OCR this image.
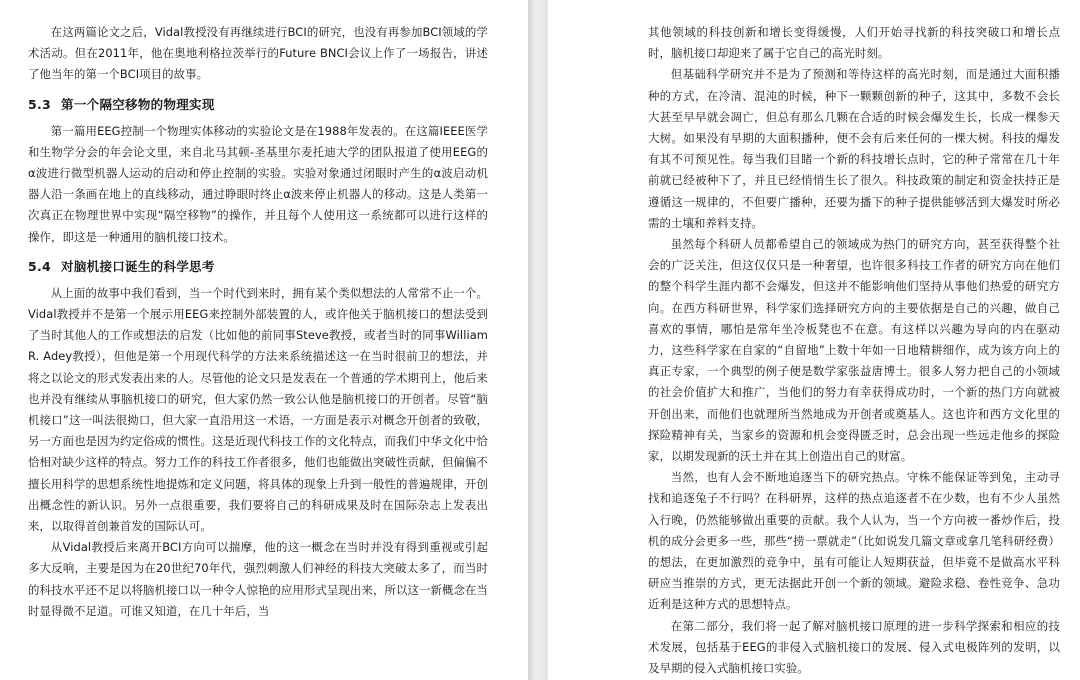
在这两篇论文之后，Vidal教授没有再继续进行BCI的研究，也没有再参加BCI领域的学术活动。但在2011年，他在奥地利格拉茨举行的Future BNCI会议上作了一场报告，讲述了他当年的第一个BCI项目的故事。

5.3 第一个隔空移物的物理实现

第一篇用EEG控制一个物理实体移动的实验论文是在1988年发表的。在这篇IEEE医学和生物学分会的年会论文里，来自北马其顿-圣基里尔麦托迪大学的团队报道了使用EEG的α波进行微型机器人运动的启动和停止控制的实验。实验对象通过闭眼时产生的α波启动机器人沿一条画在地上的直线移动，通过睁眼时终止α波来停止机器人的移动。这是人类第一次真正在物理世界中实现“隔空移物”的操作，并且每个人使用这一系统都可以进行这样的操作，即这是一种通用的脑机接口技术。

5.4 对脑机接口诞生的科学思考

从上面的故事中我们看到，当一个时代到来时，拥有某个类似想法的人常常不止一个。Vidal教授并不是第一个展示用EEG来控制外部装置的人，或许他关于脑机接口的想法受到了当时其他人的工作或想法的启发（比如他的前同事Steve教授，或者当时的同事William R. Adey教授），但他是第一个用现代科学的方法来系统描述这一在当时很前卫的想法，并将之以论文的形式发表出来的人。尽管他的论文只是发表在一个普通的学术期刊上，他后来也并没有继续从事脑机接口的研究，但大家仍然一致公认他是脑机接口的开创者。尽管“脑机接口”这一叫法很拗口，但大家一直沿用这一术语，一方面是表示对概念开创者的致敬，另一方面也是因为约定俗成的惯性。这是近现代科技工作的文化特点，而我们中华文化中恰恰相对缺少这样的特点。努力工作的科技工作者很多，他们也能做出突破性贡献，但偏偏不擅长用科学的思想系统性地提炼和定义问题，将具体的现象上升到一般性的普遍规律，开创出概念性的新认识。另外一点很重要，我们要将自己的科研成果及时在国际杂志上发表出来，以取得首创兼首发的国际认可。

从Vidal教授后来离开BCI方向可以揣摩，他的这一概念在当时并没有得到重视或引起多大反响，主要是因为在20世纪70年代，强烈刺激人们神经的科技大突破太多了，而当时的科技水平还不足以将脑机接口以一种令人惊艳的应用形式呈现出来，所以这一新概念在当时显得微不足道。可谁又知道，在几十年后，当

其他领域的科技创新和增长变得缓慢，人们开始寻找新的科技突破口和增长点时，脑机接口却迎来了属于它自己的高光时刻。

但基础科学研究并不是为了预测和等待这样的高光时刻，而是通过大面积播种的方式，在冷清、混沌的时候，种下一颗颗创新的种子，这其中，多数不会长大甚至早早就会凋亡，但总有那么几颗在合适的时候会爆发生长，长成一棵参天大树。如果没有早期的大面积播种，便不会有后来任何的一棵大树。科技的爆发有其不可预见性。每当我们目睹一个新的科技增长点时，它的种子常常在几十年前就已经被种下了，并且已经悄悄生长了很久。科技政策的制定和资金扶持正是遵循这一规律的，不但要广播种，还要为播下的种子提供能够活到大爆发时所必需的土壤和养料支持。

虽然每个科研人员都希望自己的领域成为热门的研究方向，甚至获得整个社会的广泛关注，但这仅仅只是一种奢望，也许很多科技工作者的研究方向在他们的整个科学生涯内都不会爆发，但这并不能影响他们坚持从事他们热爱的研究方向。在西方科研世界，科学家们选择研究方向的主要依据是自己的兴趣，做自己喜欢的事情，哪怕是常年坐冷板凳也不在意。有这样以兴趣为导向的内在驱动力，这些科学家在自家的“自留地”上数十年如一日地精耕细作，成为该方向上的真正专家，一个典型的例子便是数学家张益唐博士。很多人努力把自己的小领域的社会价值扩大和推广，当他们的努力有幸获得成功时，一个新的热门方向就被开创出来，而他们也就理所当然地成为开创者或奠基人。这也许和西方文化里的探险精神有关，当家乡的资源和机会变得匮乏时，总会出现一些远走他乡的探险家，以期发现新的沃土并在其上创造出自己的财富。

当然，也有人会不断地追逐当下的研究热点。守株不能保证等到兔，主动寻找和追逐兔子不行吗？在科研界，这样的热点追逐者不在少数，也有不少人虽然入行晚，仍然能够做出重要的贡献。我个人认为，当一个方向被一番炒作后，投机的成分会更多一些，那些“捞一票就走”（比如说发几篇文章或拿几笔科研经费）的想法，在更加激烈的竞争中，虽有可能让人短期获益，但毕竟不是做高水平科研应当推崇的方式，更无法据此开创一个新的领域。避险求稳、卷性竞争、急功近利是这种方式的思想特点。

在第二部分，我们将一起了解对脑机接口原理的进一步科学探索和相应的技术发展，包括基于EEG的非侵入式脑机接口的发展、侵入式电极阵列的发明，以及早期的侵入式脑机接口实验。
